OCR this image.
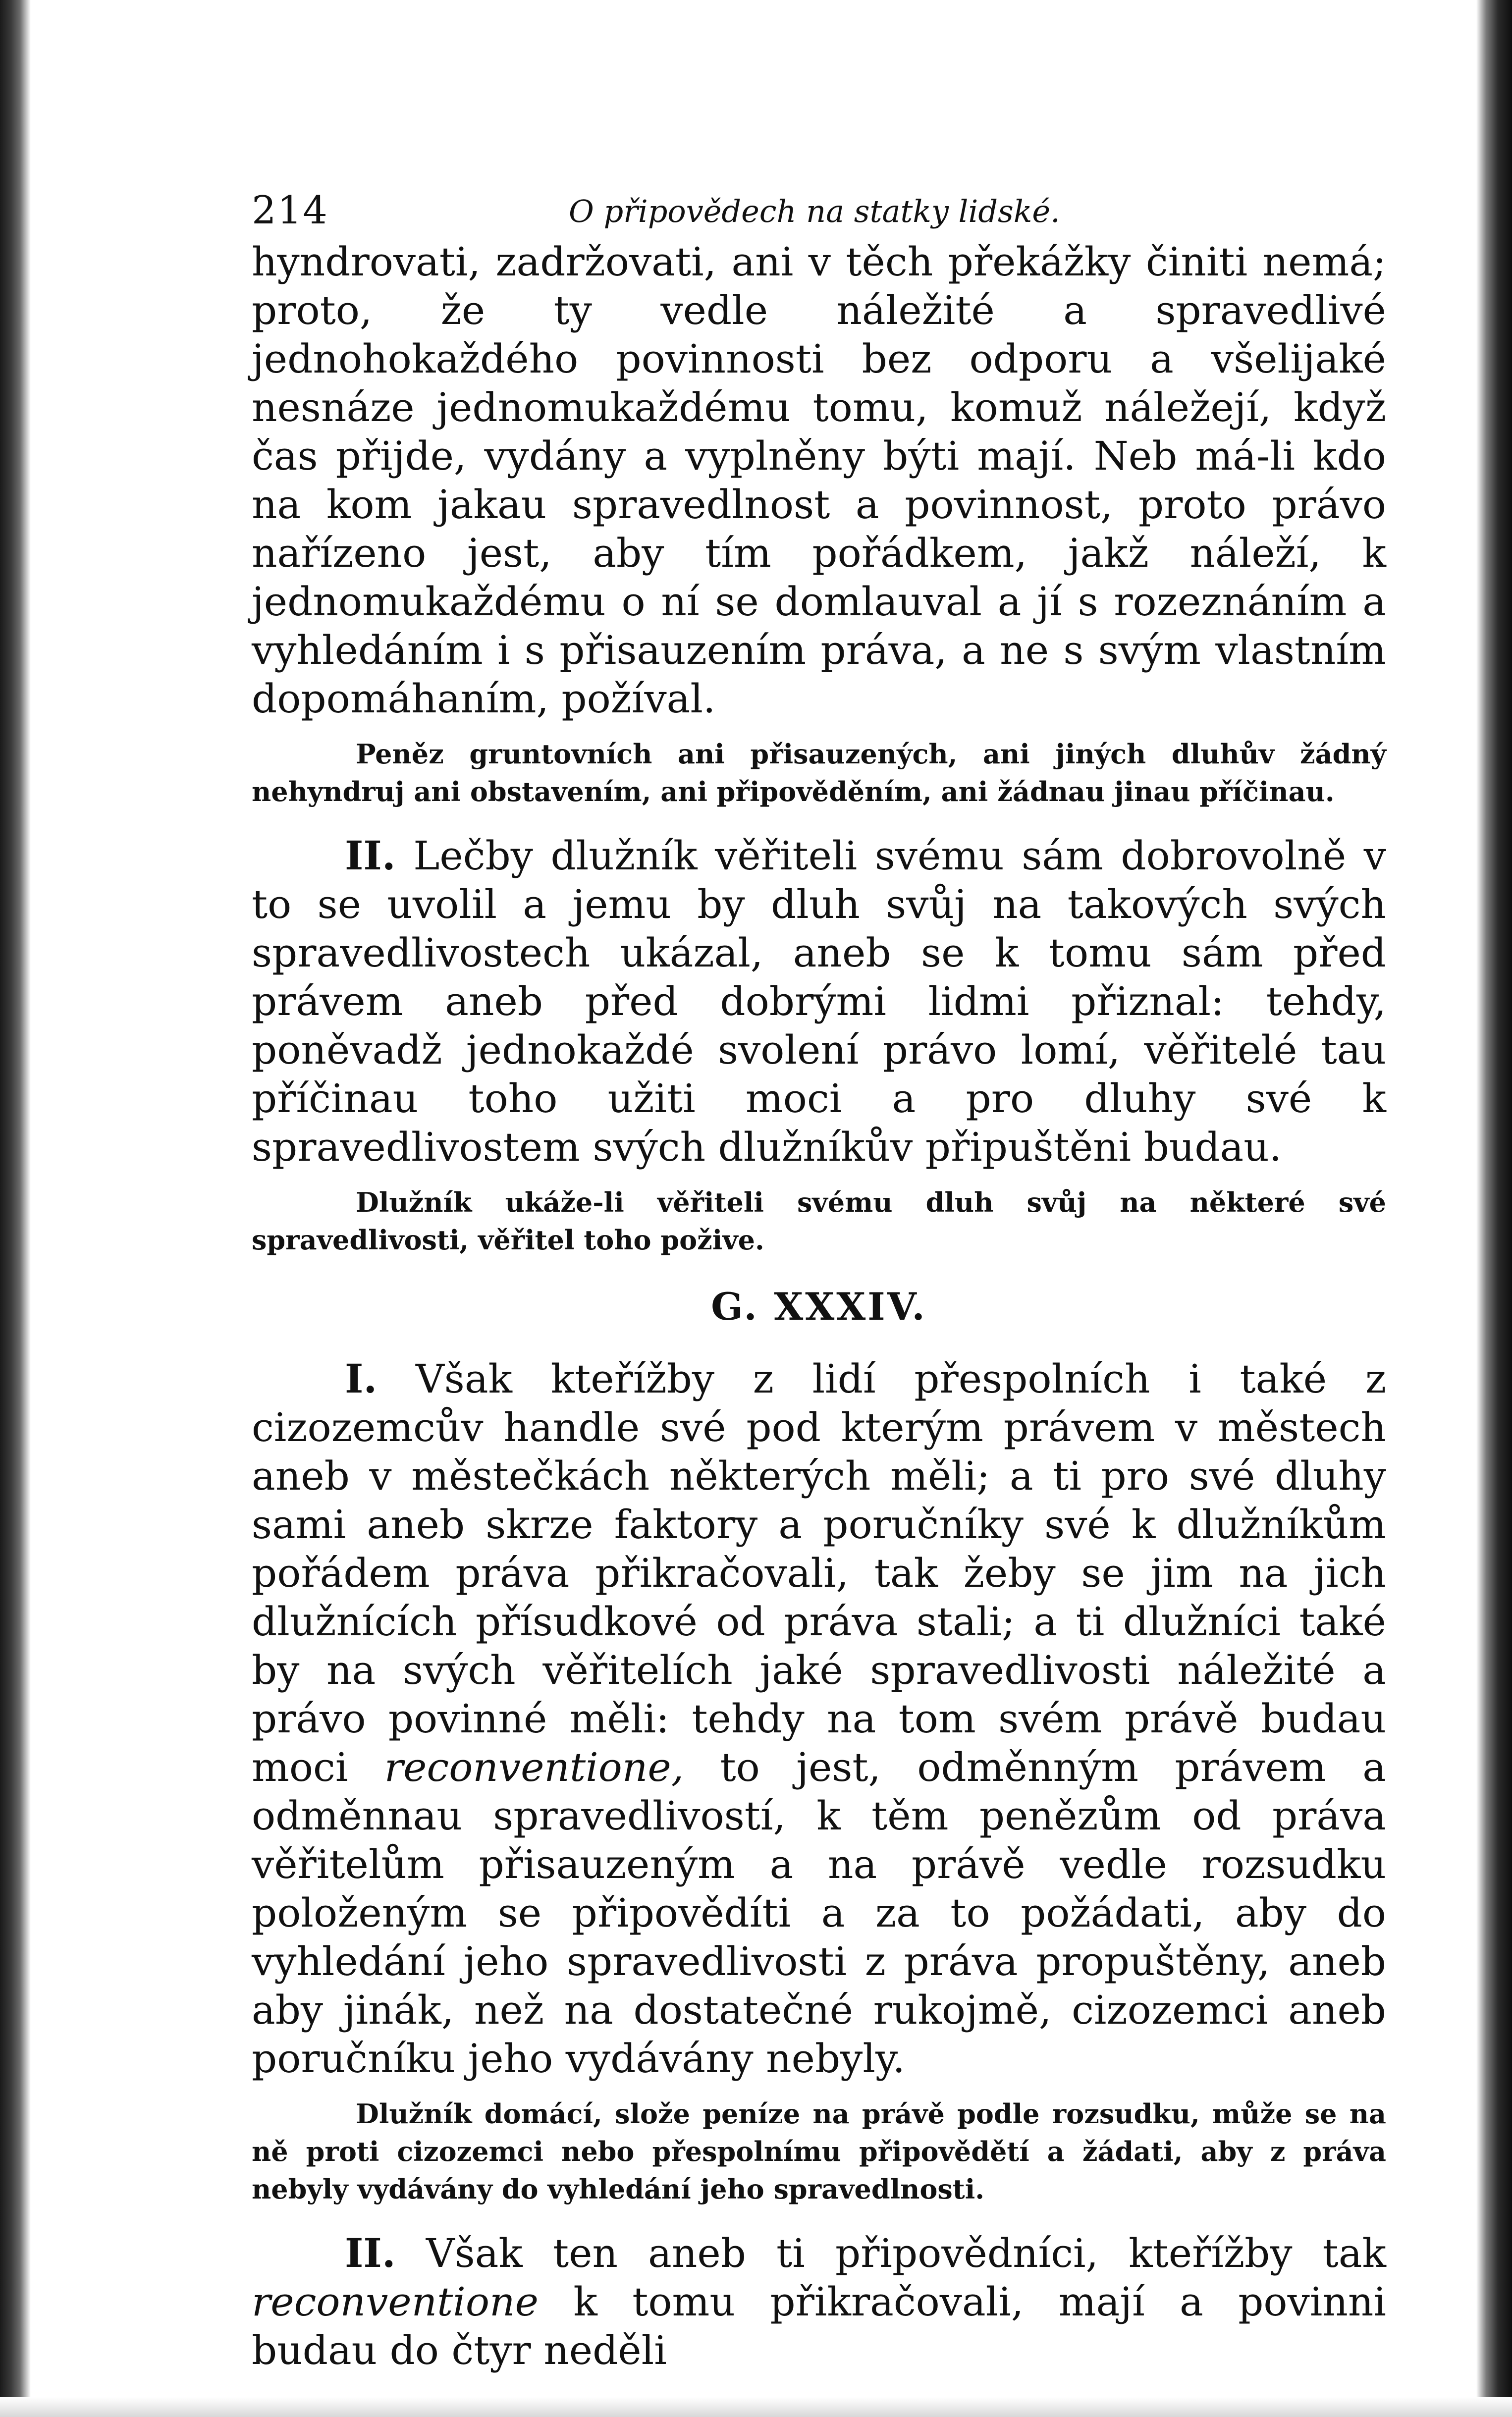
214	O připovědech na statky lidské.

hyndrovati, zadržovati, ani v těch překážky činiti nemá; proto, že ty vedle náležité a spravedlivé jednohokaždého povinnosti bez odporu a všelijaké nesnáze jednomukaždému tomu, komuž náležejí, když čas přijde, vydány a vyplněny býti mají. Neb má-li kdo na kom jakau spravedlnost a povinnost, proto právo nařízeno jest, aby tím pořádkem, jakž náleží, k jednomukaždému o ní se domlauval a jí s rozeznáním a vyhledáním i s přisauzením práva, a ne s svým vlastním dopomáhaním, požíval.

Peněz gruntovních ani přisauzených, ani jiných dluhův žádný nehyndruj ani obstavením, ani připověděním, ani žádnau jinau příčinau.

II. Lečby dlužník věřiteli svému sám dobrovolně v to se uvolil a jemu by dluh svůj na takových svých spravedlivostech ukázal, aneb se k tomu sám před právem aneb před dobrými lidmi přiznal: tehdy, poněvadž jednokaždé svolení právo lomí, věřitelé tau příčinau toho užiti moci a pro dluhy své k spravedlivostem svých dlužníkův připuštěni budau.

Dlužník ukáže-li věřiteli svému dluh svůj na některé své spravedlivosti, věřitel toho požive.
G. XXXIV.

I. Však kteřížby z lidí přespolních i také z cizozemcův handle své pod kterým právem v městech aneb v městečkách některých měli; a ti pro své dluhy sami aneb skrze faktory a poručníky své k dlužníkům pořádem práva přikračovali, tak žeby se jim na jich dlužnících přísudkové od práva stali; a ti dlužníci také by na svých věřitelích jaké spravedlivosti náležité a právo povinné měli: tehdy na tom svém právě budau moci reconventione, to jest, odměnným právem a odměnnau spravedlivostí, k těm penězům od práva věřitelům přisauzeným a na právě vedle rozsudku položeným se připovědíti a za to požádati, aby do vyhledání jeho spravedlivosti z práva propuštěny, aneb aby jinák, než na dostatečné rukojmě, cizozemci aneb poručníku jeho vydávány nebyly.

Dlužník domácí, slože peníze na právě podle rozsudku, může se na ně proti cizozemci nebo přespolnímu připovědětí a žádati, aby z práva nebyly vydávány do vyhledání jeho spravedlnosti.

II. Však ten aneb ti připovědníci, kteřížby tak reconventione k tomu přikračovali, mají a povinni budau do čtyr neděli
